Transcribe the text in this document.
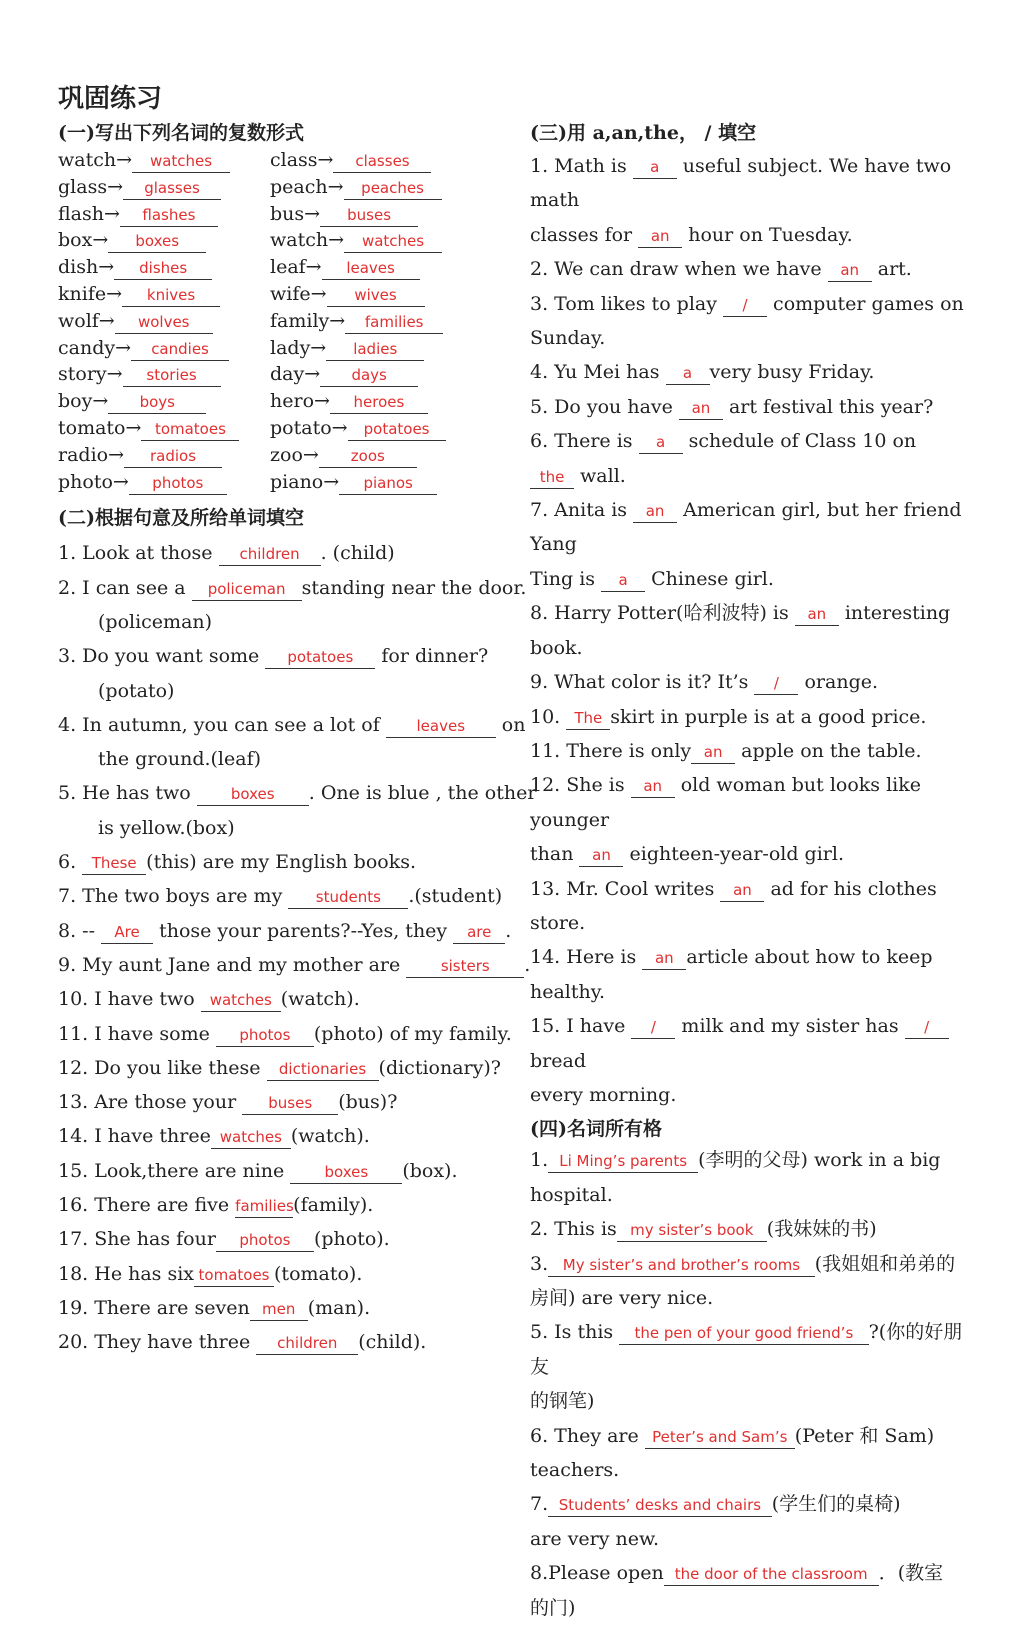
巩固练习
(一)写出下列名词的复数形式
watch→ watches	class→ classes
glass→ glasses	peach→ peaches
flash→ flashes	bus→ buses
box→ boxes	watch→ watches
dish→ dishes	leaf→ leaves
knife→ knives	wife→ wives
wolf→ wolves	family→ families
candy→ candies	lady→ ladies
story→ stories	day→ days
boy→ boys	hero→ heroes
tomato→ tomatoes	potato→ potatoes
radio→ radios	zoo→ zoos
photo→ photos	piano→ pianos
(二)根据句意及所给单词填空
1. Look at those children . (child)
2. I can see a policeman standing near the door.
(policeman)
3. Do you want some potatoes for dinner?
(potato)
4. In autumn, you can see a lot of leaves on
the ground.(leaf)
5. He has two boxes . One is blue , the other
is yellow.(box)
6. These (this) are my English books.
7. The two boys are my students .(student)
8. -- Are those your parents?--Yes, they are .
9. My aunt Jane and my mother are sisters .
10. I have two watches (watch).
11. I have some photos (photo) of my family.
12. Do you like these dictionaries (dictionary)?
13. Are those your buses (bus)?
14. I have three watches (watch).
15. Look,there are nine boxes (box).
16. There are five families(family).
17. She has four photos (photo).
18. He has six tomatoes (tomato).
19. There are seven men (man).
20. They have three children (child).
(三)用 a,an,the， / 填空
1. Math is a useful subject. We have two math
classes for an hour on Tuesday.
2. We can draw when we have an art.
3. Tom likes to play / computer games on
Sunday.
4. Yu Mei has a very busy Friday.
5. Do you have an art festival this year?
6. There is a schedule of Class 10 on the wall.
7. Anita is an American girl, but her friend Yang
Ting is a Chinese girl.
8. Harry Potter(哈利波特) is an interesting book.
9. What color is it? It’s / orange.
10. The skirt in purple is at a good price.
11. There is only an apple on the table.
12. She is an old woman but looks like younger
than an eighteen-year-old girl.
13. Mr. Cool writes an ad for his clothes store.
14. Here is an article about how to keep healthy.
15. I have / milk and my sister has / bread
every morning.
(四)名词所有格
1. Li Ming’s parents (李明的父母) work in a big
hospital.
2. This is my sister’s book (我妹妹的书)
3. My sister’s and brother’s rooms (我姐姐和弟弟的
房间) are very nice.
5. Is this the pen of your good friend’s ?(你的好朋友
的钢笔)
6. They are Peter’s and Sam’s (Peter 和 Sam)
teachers.
7. Students’ desks and chairs (学生们的桌椅)
are very new.
8.Please open the door of the classroom ．(教室
的门)
